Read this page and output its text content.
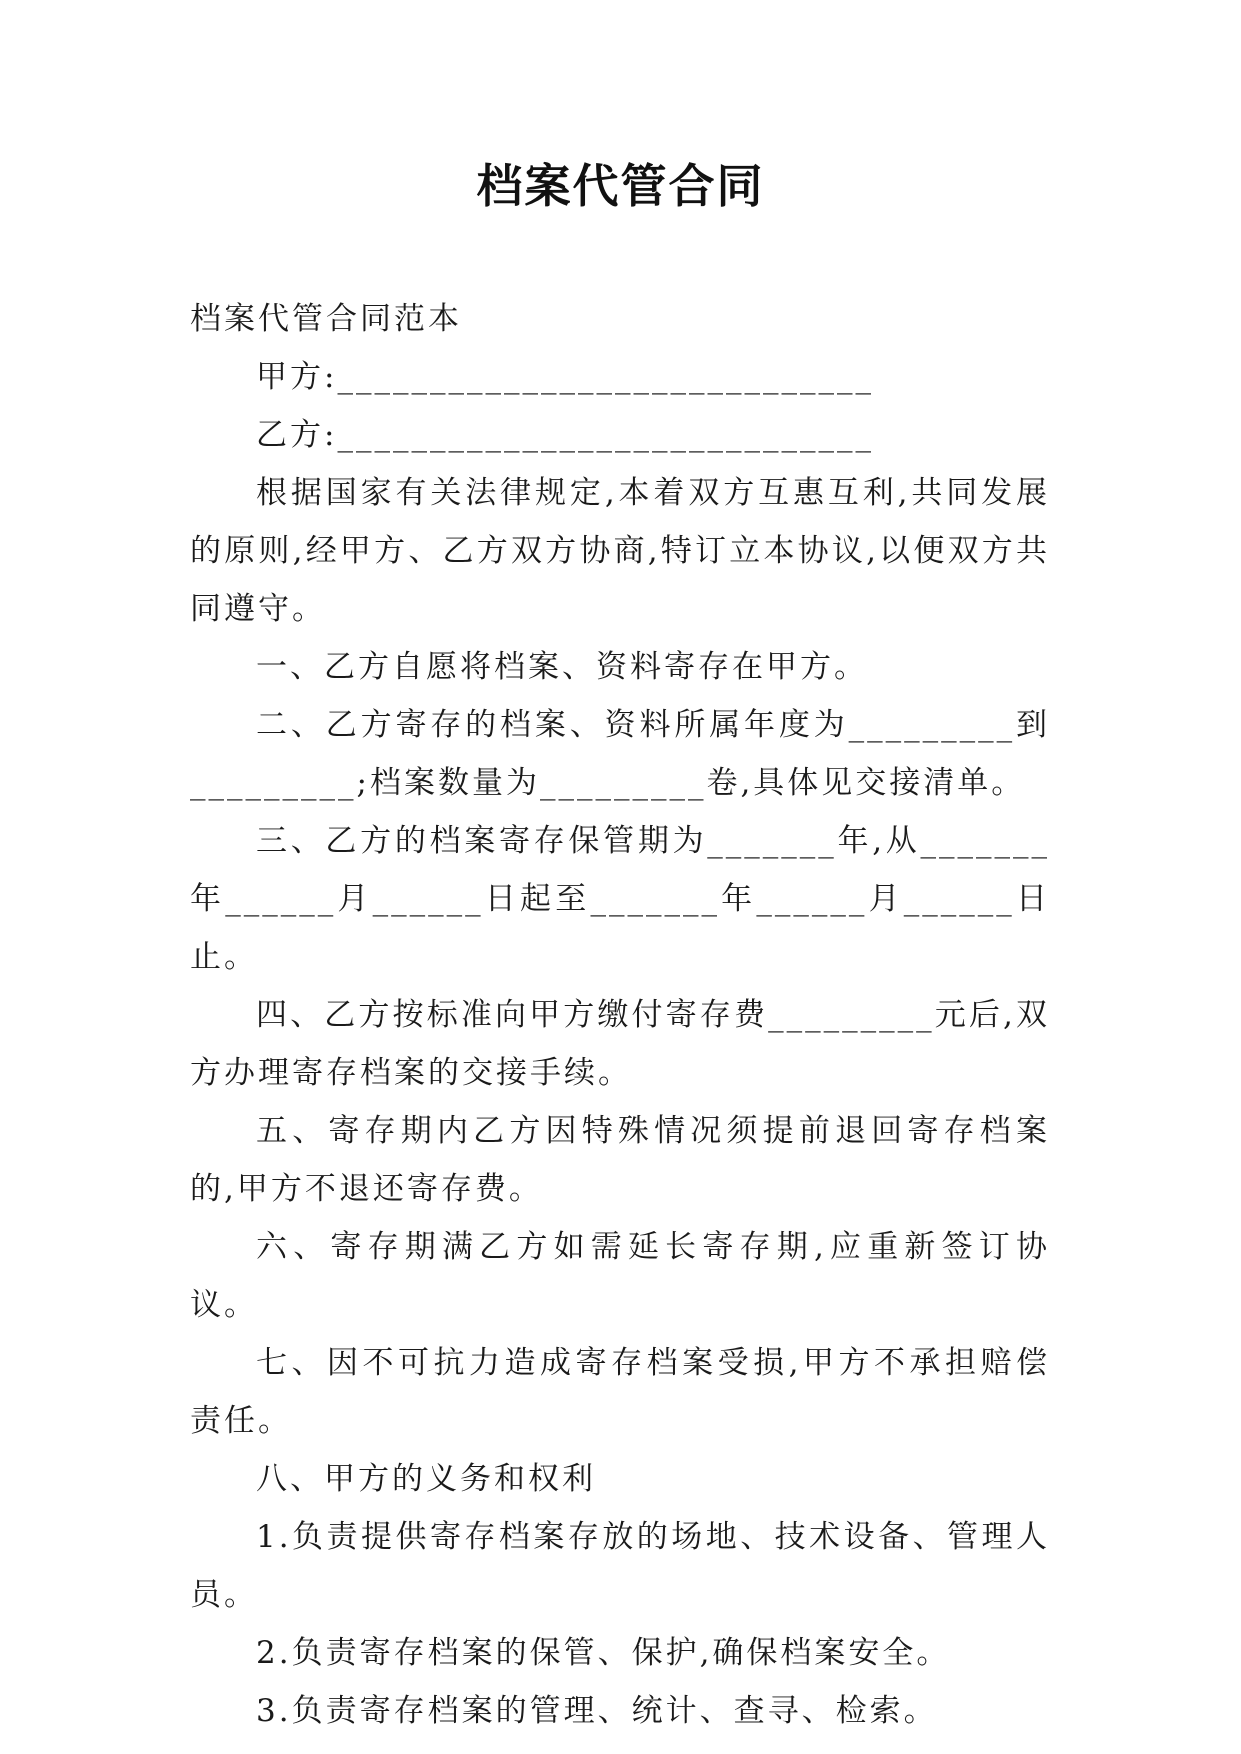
档案代管合同

档案代管合同范本

甲方:_____________________________

乙方:_____________________________

根据国家有关法律规定,本着双方互惠互利,共同发展的原则,经甲方、乙方双方协商,特订立本协议,以便双方共同遵守。

一、乙方自愿将档案、资料寄存在甲方。

二、乙方寄存的档案、资料所属年度为_________到_________;档案数量为_________卷,具体见交接清单。

三、乙方的档案寄存保管期为_______年,从_______年______月______日起至_______年______月______日止。

四、乙方按标准向甲方缴付寄存费_________元后,双方办理寄存档案的交接手续。

五、寄存期内乙方因特殊情况须提前退回寄存档案的,甲方不退还寄存费。

六、寄存期满乙方如需延长寄存期,应重新签订协议。

七、因不可抗力造成寄存档案受损,甲方不承担赔偿责任。

八、甲方的义务和权利

1.负责提供寄存档案存放的场地、技术设备、管理人员。

2.负责寄存档案的保管、保护,确保档案安全。

3.负责寄存档案的管理、统计、查寻、检索。
